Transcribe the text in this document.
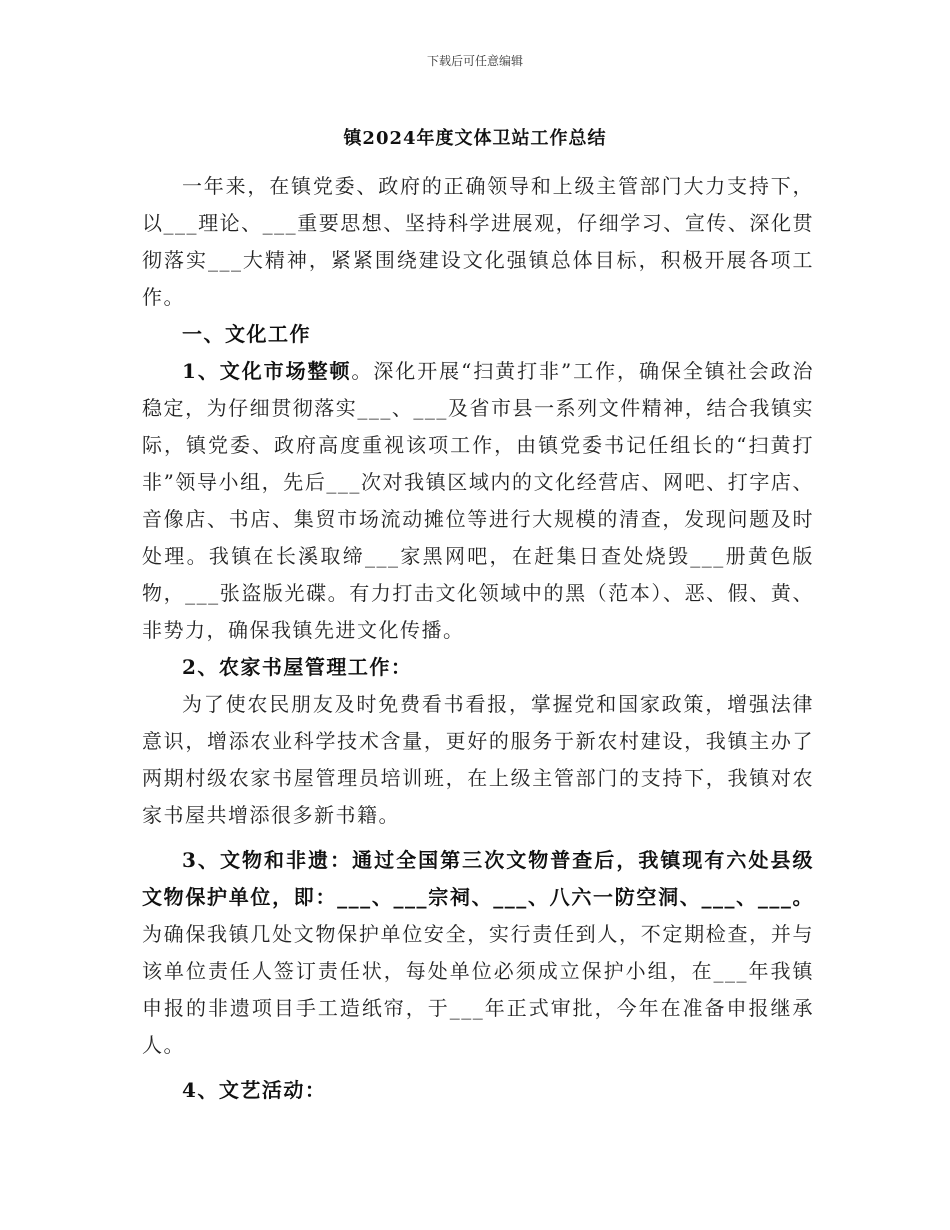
下载后可任意编辑
镇2024年度文体卫站工作总结

一年来，在镇党委、政府的正确领导和上级主管部门大力支持下，以___理论、___重要思想、坚持科学进展观，仔细学习、宣传、深化贯彻落实___大精神，紧紧围绕建设文化强镇总体目标，积极开展各项工作。

一、文化工作

1、文化市场整顿。深化开展“扫黄打非”工作，确保全镇社会政治稳定，为仔细贯彻落实___、___及省市县一系列文件精神，结合我镇实际，镇党委、政府高度重视该项工作，由镇党委书记任组长的“扫黄打非”领导小组，先后___次对我镇区域内的文化经营店、网吧、打字店、音像店、书店、集贸市场流动摊位等进行大规模的清查，发现问题及时处理。我镇在长溪取缔___家黑网吧，在赶集日查处烧毁___册黄色版物，___张盗版光碟。有力打击文化领域中的黑（范本）、恶、假、黄、非势力，确保我镇先进文化传播。

2、农家书屋管理工作：

为了使农民朋友及时免费看书看报，掌握党和国家政策，增强法律意识，增添农业科学技术含量，更好的服务于新农村建设，我镇主办了两期村级农家书屋管理员培训班，在上级主管部门的支持下，我镇对农家书屋共增添很多新书籍。

3、文物和非遗：通过全国第三次文物普查后，我镇现有六处县级文物保护单位，即：___、___宗祠、___、八六一防空洞、___、___。为确保我镇几处文物保护单位安全，实行责任到人，不定期检查，并与该单位责任人签订责任状，每处单位必须成立保护小组，在___年我镇申报的非遗项目手工造纸帘，于___年正式审批，今年在准备申报继承人。

4、文艺活动：
